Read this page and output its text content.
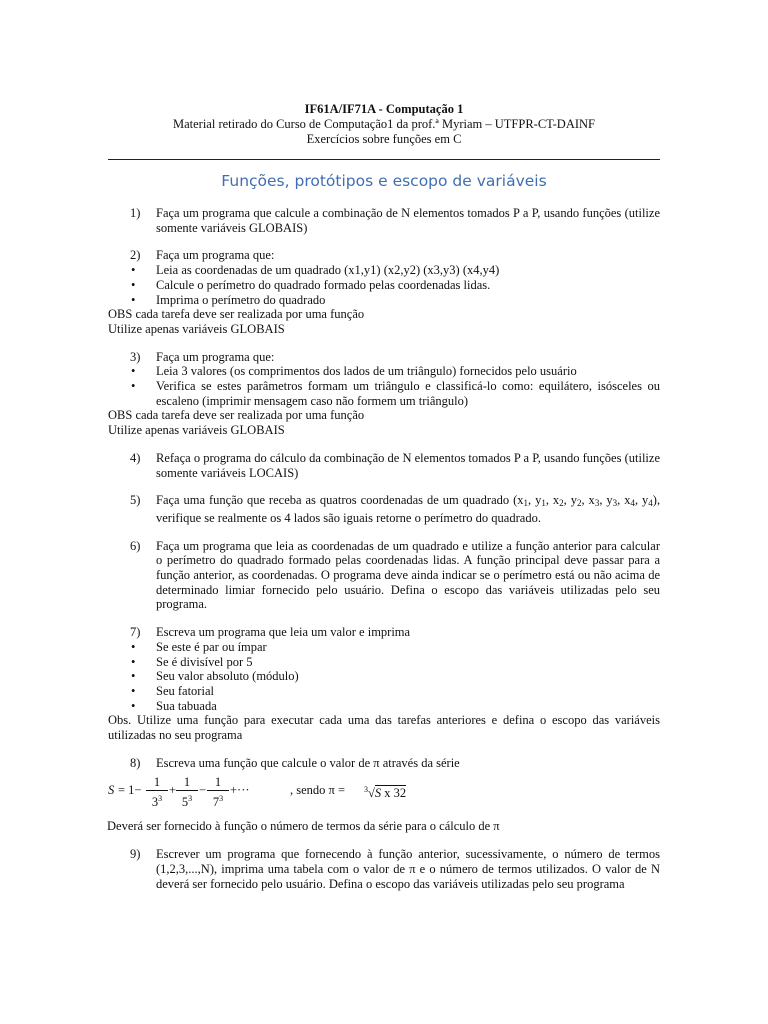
IF61A/IF71A - Computação 1
Material retirado do Curso de Computação1 da prof.ª Myriam – UTFPR-CT-DAINF
Exercícios sobre funções em C
Funções, protótipos e escopo de variáveis
1)	Faça um programa que calcule a combinação de N elementos tomados P a P, usando funções (utilize somente variáveis GLOBAIS)
2)	Faça um programa que:
•	Leia as coordenadas de um quadrado (x1,y1) (x2,y2) (x3,y3) (x4,y4)
•	Calcule o perímetro do quadrado formado pelas coordenadas lidas.
•	Imprima o perímetro do quadrado
OBS cada tarefa deve ser realizada por uma função
Utilize apenas variáveis GLOBAIS
3)	Faça um programa que:
•	Leia 3 valores (os comprimentos dos lados de um triângulo) fornecidos pelo usuário
•	Verifica se estes parâmetros formam um triângulo e classificá-lo como: equilátero, isósceles ou escaleno (imprimir mensagem caso não formem um triângulo)
OBS cada tarefa deve ser realizada por uma função
Utilize apenas variáveis GLOBAIS
4)	Refaça o programa do cálculo da combinação de N elementos tomados P a P, usando funções (utilize somente variáveis LOCAIS)
5)	Faça uma função que receba as quatros coordenadas de um quadrado ($x_1$, $y_1$, $x_2$, $y_2$, $x_3$, $y_3$, $x_4$, $y_4$), verifique se realmente os 4 lados são iguais retorne o perímetro do quadrado.
6)	Faça um programa que leia as coordenadas de um quadrado e utilize a função anterior para calcular o perímetro do quadrado formado pelas coordenadas lidas. A função principal deve passar para a função anterior, as coordenadas. O programa deve ainda indicar se o perímetro está ou não acima de determinado limiar fornecido pelo usuário. Defina o escopo das variáveis utilizadas pelo seu programa.
7)	Escreva um programa que leia um valor e imprima
•	Se este é par ou ímpar
•	Se é divisível por 5
•	Seu valor absoluto (módulo)
•	Seu fatorial
•	Sua tabuada
Obs. Utilize uma função para executar cada uma das tarefas anteriores e defina o escopo das variáveis utilizadas no seu programa
8)	Escreva uma função que calcule o valor de π através da série
S = 1−
1
$3^3$
+
1
$5^3$
−
1
$7^3$
+···	, sendo π = $^3$√S x 32
Deverá ser fornecido à função o número de termos da série para o cálculo de π
9)	Escrever um programa que fornecendo à função anterior, sucessivamente, o número de termos (1,2,3,...,N), imprima uma tabela com o valor de π e o número de termos utilizados. O valor de N deverá ser fornecido pelo usuário. Defina o escopo das variáveis utilizadas pelo seu programa
